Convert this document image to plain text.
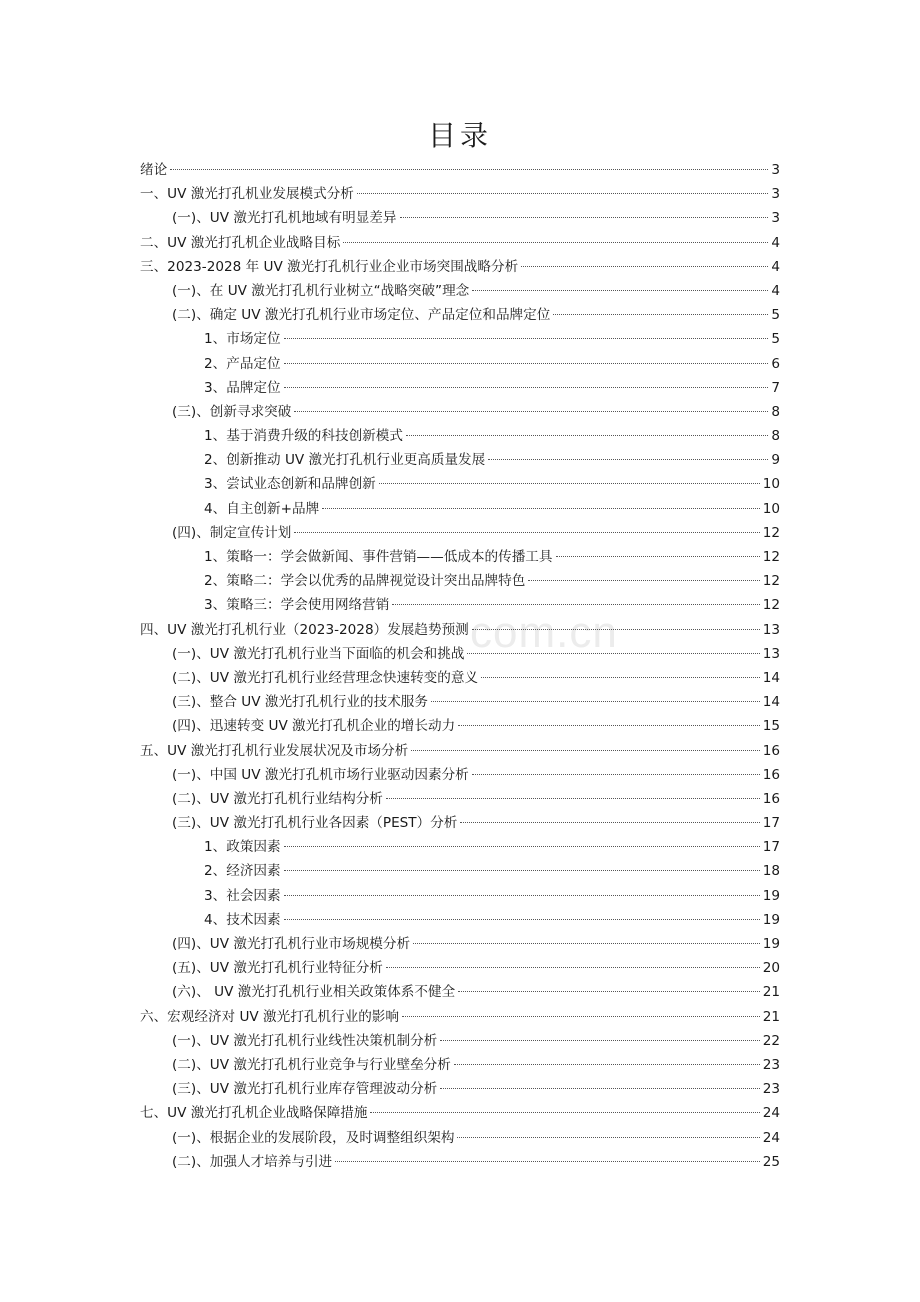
com.cn
目录
绪论	3
一、UV 激光打孔机业发展模式分析	3
(一)、UV 激光打孔机地域有明显差异	3
二、UV 激光打孔机企业战略目标	4
三、2023-2028 年 UV 激光打孔机行业企业市场突围战略分析	4
(一)、在 UV 激光打孔机行业树立“战略突破”理念	4
(二)、确定 UV 激光打孔机行业市场定位、产品定位和品牌定位	5
1、市场定位	5
2、产品定位	6
3、品牌定位	7
(三)、创新寻求突破	8
1、基于消费升级的科技创新模式	8
2、创新推动 UV 激光打孔机行业更高质量发展	9
3、尝试业态创新和品牌创新	10
4、自主创新+品牌	10
(四)、制定宣传计划	12
1、策略一：学会做新闻、事件营销——低成本的传播工具	12
2、策略二：学会以优秀的品牌视觉设计突出品牌特色	12
3、策略三：学会使用网络营销	12
四、UV 激光打孔机行业（2023-2028）发展趋势预测	13
(一)、UV 激光打孔机行业当下面临的机会和挑战	13
(二)、UV 激光打孔机行业经营理念快速转变的意义	14
(三)、整合 UV 激光打孔机行业的技术服务	14
(四)、迅速转变 UV 激光打孔机企业的增长动力	15
五、UV 激光打孔机行业发展状况及市场分析	16
(一)、中国 UV 激光打孔机市场行业驱动因素分析	16
(二)、UV 激光打孔机行业结构分析	16
(三)、UV 激光打孔机行业各因素（PEST）分析	17
1、政策因素	17
2、经济因素	18
3、社会因素	19
4、技术因素	19
(四)、UV 激光打孔机行业市场规模分析	19
(五)、UV 激光打孔机行业特征分析	20
(六)、 UV 激光打孔机行业相关政策体系不健全	21
六、宏观经济对 UV 激光打孔机行业的影响	21
(一)、UV 激光打孔机行业线性决策机制分析	22
(二)、UV 激光打孔机行业竞争与行业壁垒分析	23
(三)、UV 激光打孔机行业库存管理波动分析	23
七、UV 激光打孔机企业战略保障措施	24
(一)、根据企业的发展阶段，及时调整组织架构	24
(二)、加强人才培养与引进	25
